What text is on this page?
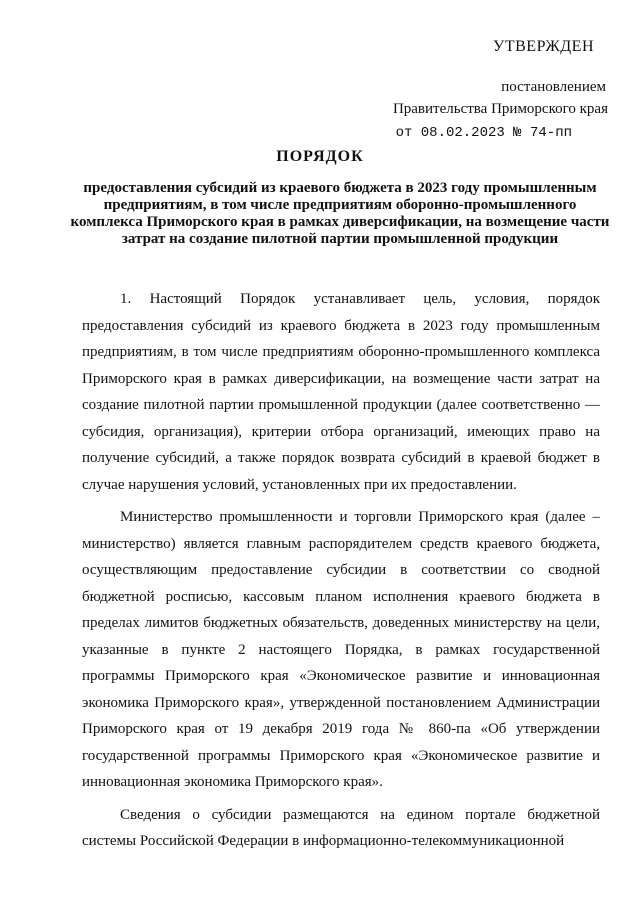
УТВЕРЖДЕН
постановлением
Правительства Приморского края
от 08.02.2023 № 74-пп
ПОРЯДОК
предоставления субсидий из краевого бюджета в 2023 году промышленным предприятиям, в том числе предприятиям оборонно-промышленного комплекса Приморского края в рамках диверсификации, на возмещение части затрат на создание пилотной партии промышленной продукции

1. Настоящий Порядок устанавливает цель, условия, порядок предоставления субсидий из краевого бюджета в 2023 году промышленным предприятиям, в том числе предприятиям оборонно-промышленного комплекса Приморского края в рамках диверсификации, на возмещение части затрат на создание пилотной партии промышленной продукции (далее соответственно — субсидия, организация), критерии отбора организаций, имеющих право на получение субсидий, а также порядок возврата субсидий в краевой бюджет в случае нарушения условий, установленных при их предоставлении.

Министерство промышленности и торговли Приморского края (далее – министерство) является главным распорядителем средств краевого бюджета, осуществляющим предоставление субсидии в соответствии со сводной бюджетной росписью, кассовым планом исполнения краевого бюджета в пределах лимитов бюджетных обязательств, доведенных министерству на цели, указанные в пункте 2 настоящего Порядка, в рамках государственной программы Приморского края «Экономическое развитие и инновационная экономика Приморского края», утвержденной постановлением Администрации Приморского края от 19 декабря 2019 года № 860-па «Об утверждении государственной программы Приморского края «Экономическое развитие и инновационная экономика Приморского края».

Сведения о субсидии размещаются на едином портале бюджетной системы Российской Федерации в информационно-телекоммуникационной
